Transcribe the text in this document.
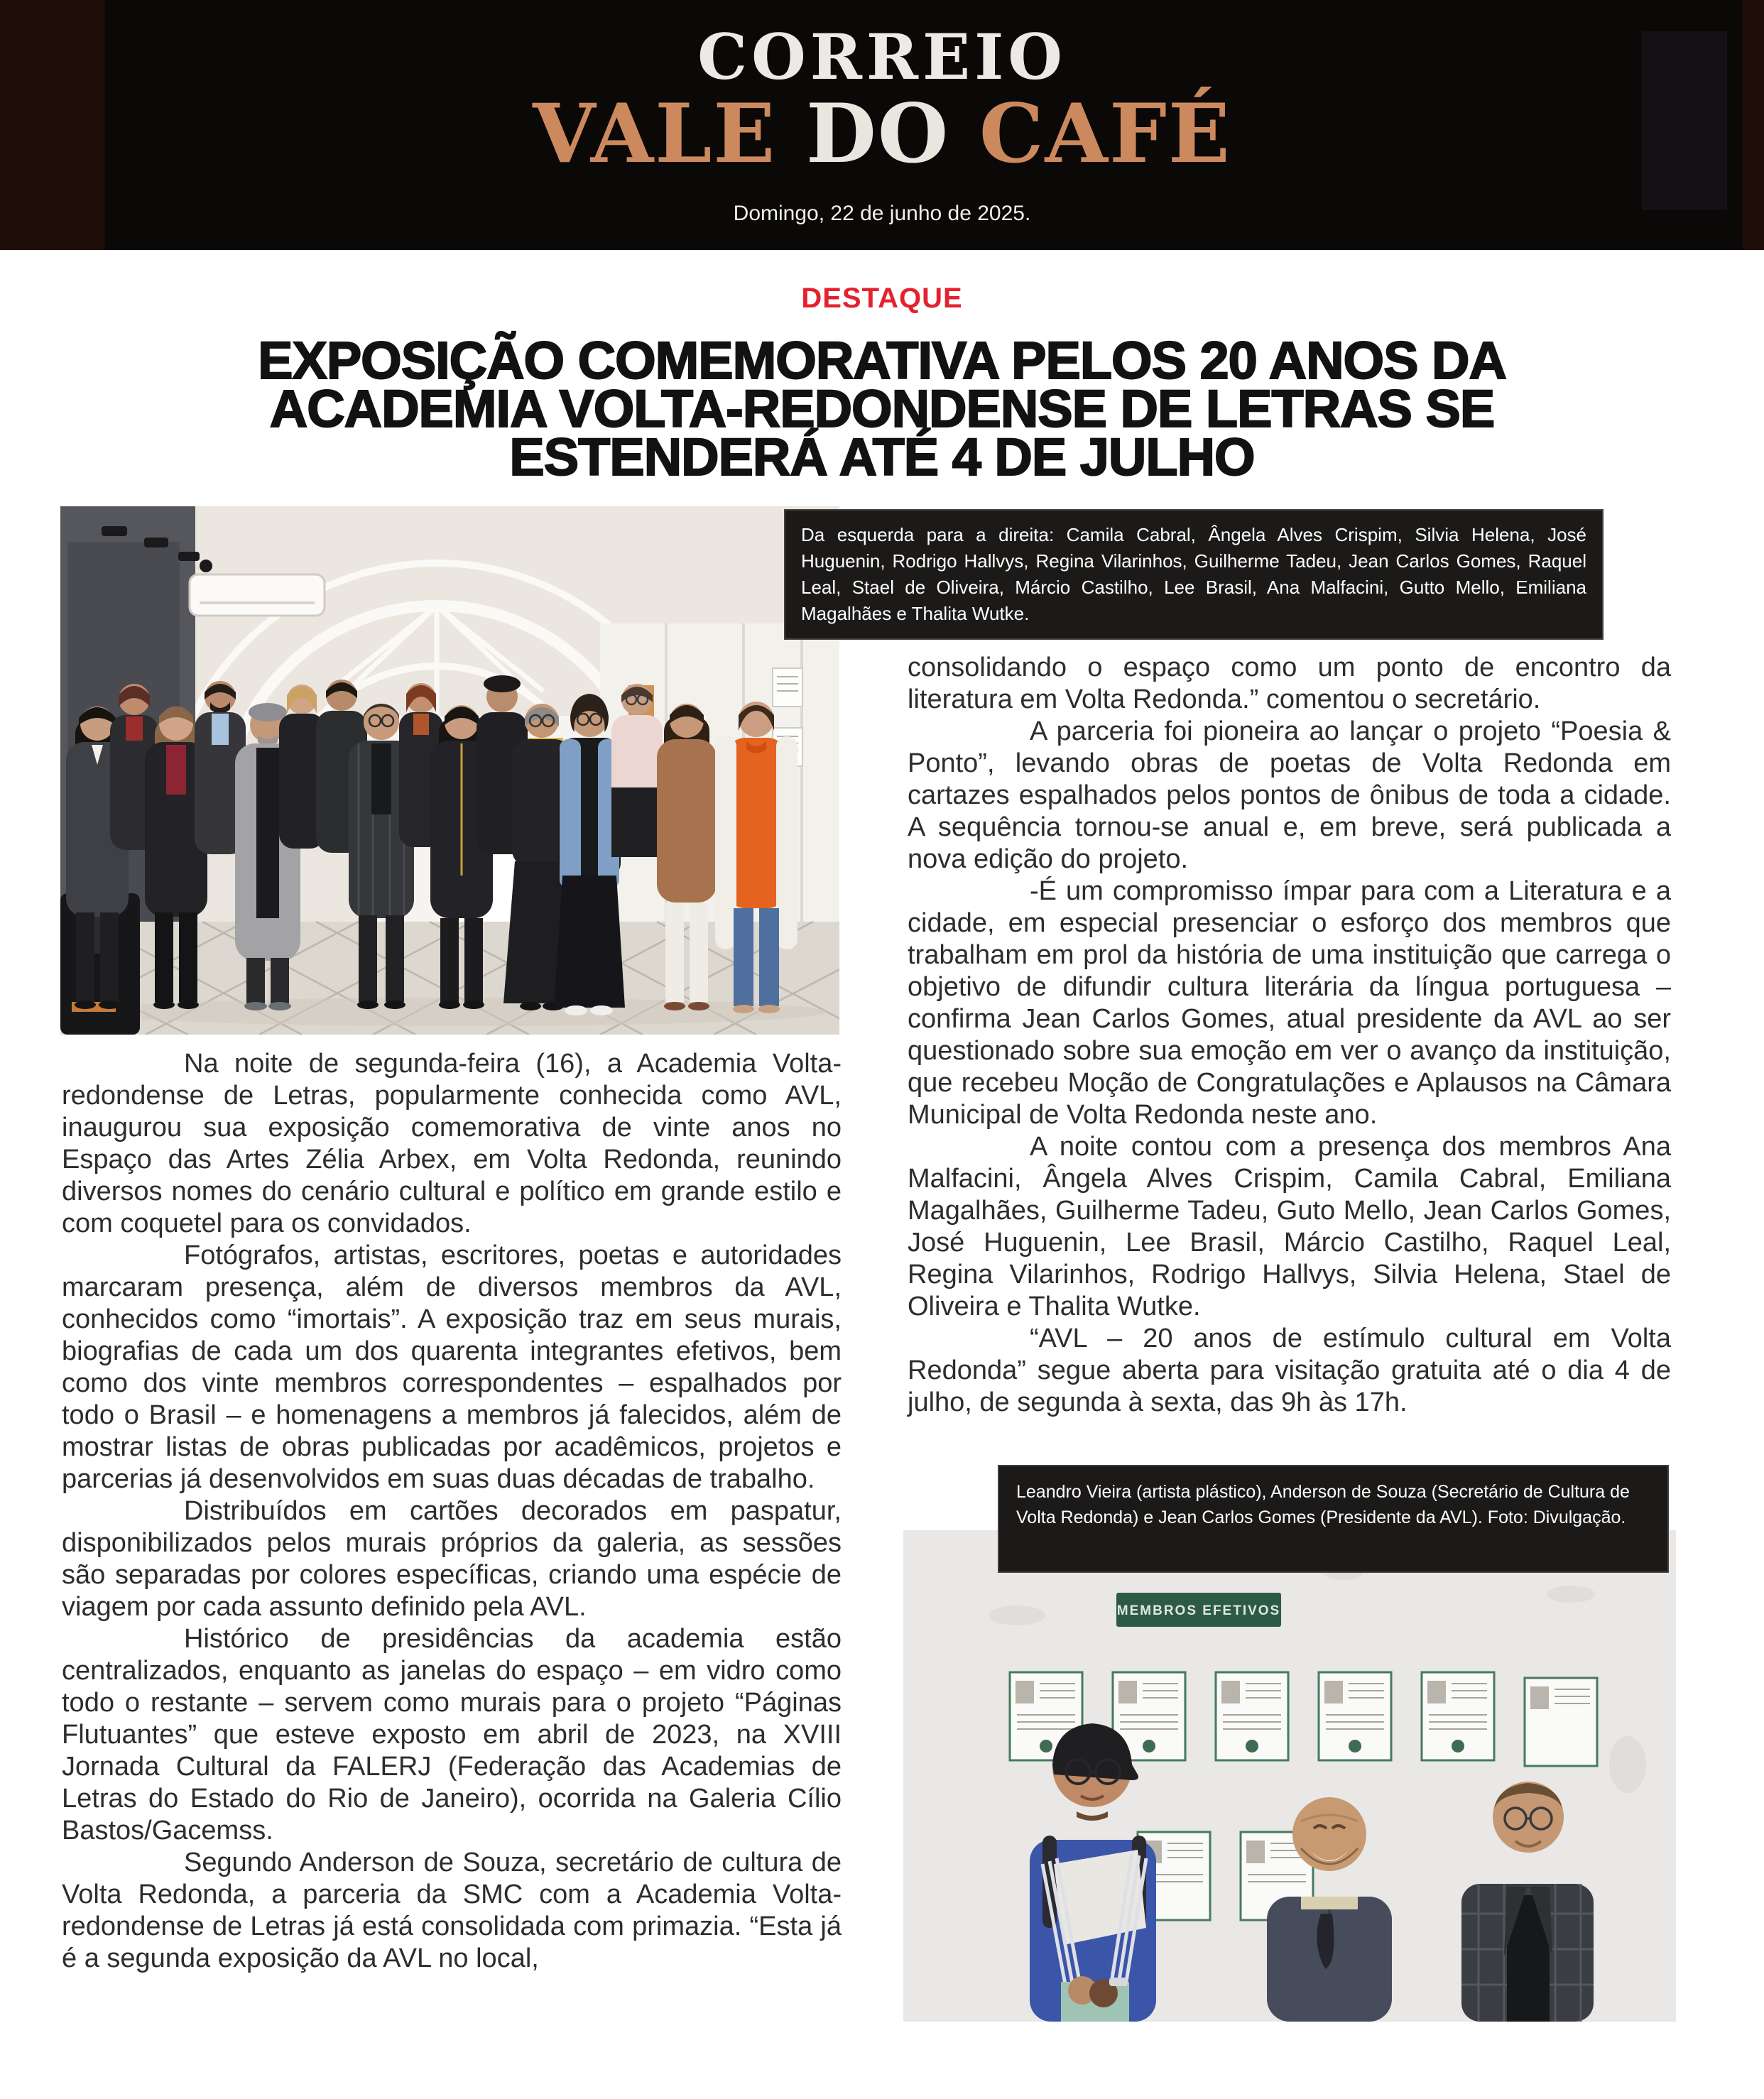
CORREIO
VALE DO CAFÉ
Domingo, 22 de junho de 2025.
DESTAQUE
EXPOSIÇÃO COMEMORATIVA PELOS 20 ANOS DA
ACADEMIA VOLTA-REDONDENSE DE LETRAS SE
ESTENDERÁ ATÉ 4 DE JULHO
Da esquerda para a direita: Camila Cabral, Ângela Alves Crispim, Silvia Helena, José Huguenin, Rodrigo Hallvys, Regina Vilarinhos, Guilherme Tadeu, Jean Carlos Gomes, Raquel Leal, Stael de Oliveira, Márcio Castilho, Lee Brasil, Ana Malfacini, Gutto Mello, Emiliana Magalhães e Thalita Wutke.

consolidando o espaço como um ponto de encontro da literatura em Volta Redonda.” comentou o secretário.

A parceria foi pioneira ao lançar o projeto “Poesia & Ponto”, levando obras de poetas de Volta Redonda em cartazes espalhados pelos pontos de ônibus de toda a cidade. A sequência tornou-se anual e, em breve, será publicada a nova edição do projeto.

-É um compromisso ímpar para com a Literatura e a cidade, em especial presenciar o esforço dos membros que trabalham em prol da história de uma instituição que carrega o objetivo de difundir cultura literária da língua portuguesa – confirma Jean Carlos Gomes, atual presidente da AVL ao ser questionado sobre sua emoção em ver o avanço da instituição, que recebeu Moção de Congratulações e Aplausos na Câmara Municipal de Volta Redonda neste ano.

A noite contou com a presença dos membros Ana Malfacini, Ângela Alves Crispim, Camila Cabral, Emiliana Magalhães, Guilherme Tadeu, Guto Mello, Jean Carlos Gomes, José Huguenin, Lee Brasil, Márcio Castilho, Raquel Leal, Regina Vilarinhos, Rodrigo Hallvys, Silvia Helena, Stael de Oliveira e Thalita Wutke.

“AVL – 20 anos de estímulo cultural em Volta Redonda” segue aberta para visitação gratuita até o dia 4 de julho, de segunda à sexta, das 9h às 17h.

Na noite de segunda-feira (16), a Academia Volta-redondense de Letras, popularmente conhecida como AVL, inaugurou sua exposição comemorativa de vinte anos no Espaço das Artes Zélia Arbex, em Volta Redonda, reunindo diversos nomes do cenário cultural e político em grande estilo e com coquetel para os convidados.

Fotógrafos, artistas, escritores, poetas e autoridades marcaram presença, além de diversos membros da AVL, conhecidos como “imortais”. A exposição traz em seus murais, biografias de cada um dos quarenta integrantes efetivos, bem como dos vinte membros correspondentes – espalhados por todo o Brasil – e homenagens a membros já falecidos, além de mostrar listas de obras publicadas por acadêmicos, projetos e parcerias já desenvolvidos em suas duas décadas de trabalho.

Distribuídos em cartões decorados em paspatur, disponibilizados pelos murais próprios da galeria, as sessões são separadas por colores específicas, criando uma espécie de viagem por cada assunto definido pela AVL.

Histórico de presidências da academia estão centralizados, enquanto as janelas do espaço – em vidro como todo o restante – servem como murais para o projeto “Páginas Flutuantes” que esteve exposto em abril de 2023, na XVIII Jornada Cultural da FALERJ (Federação das Academias de Letras do Estado do Rio de Janeiro), ocorrida na Galeria Cílio Bastos/Gacemss.

Segundo Anderson de Souza, secretário de cultura de Volta Redonda, a parceria da SMC com a Academia Volta-redondense de Letras já está consolidada com primazia. “Esta já é a segunda exposição da AVL no local,

Leandro Vieira (artista plástico), Anderson de Souza (Secretário de Cultura de Volta Redonda) e Jean Carlos Gomes (Presidente da AVL). Foto: Divulgação.
MEMBROS EFETIVOS
